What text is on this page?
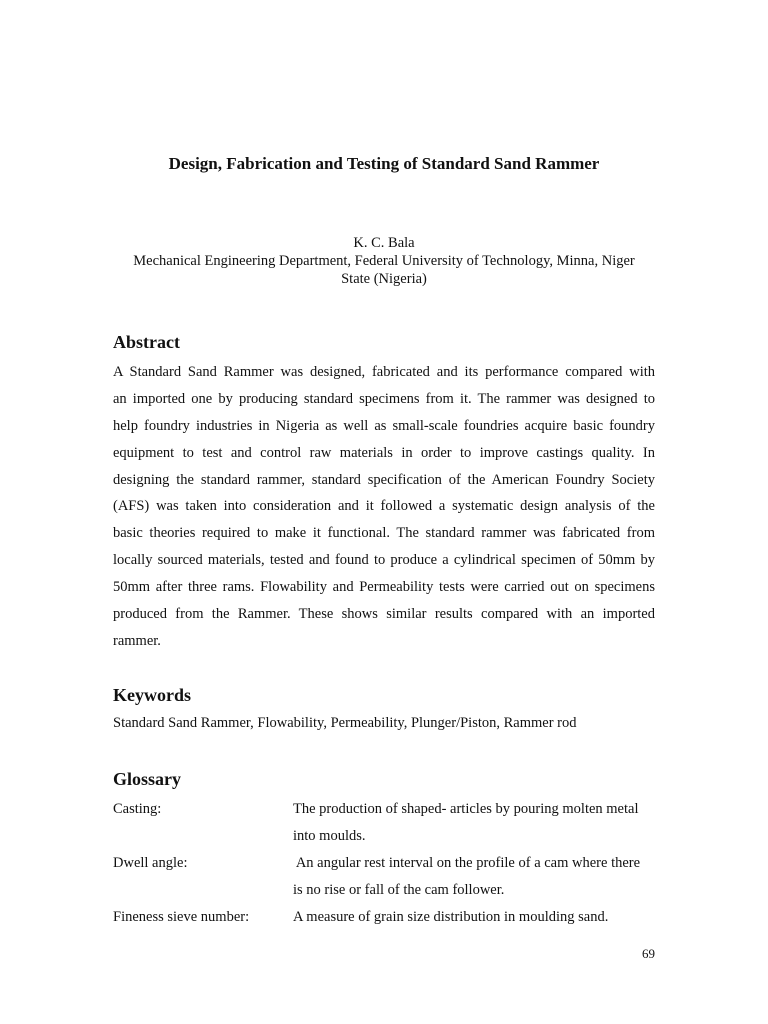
Design, Fabrication and Testing of Standard Sand Rammer
K. C. Bala
Mechanical Engineering Department, Federal University of Technology, Minna, Niger
State (Nigeria)
Abstract
A Standard Sand Rammer was designed, fabricated and its performance compared with
an imported one by producing standard specimens from it. The rammer was designed to
help foundry industries in Nigeria as well as small-scale foundries acquire basic foundry
equipment to test and control raw materials in order to improve castings quality. In
designing the standard rammer, standard specification of the American Foundry Society
(AFS) was taken into consideration and it followed a systematic design analysis of the
basic theories required to make it functional. The standard rammer was fabricated from
locally sourced materials, tested and found to produce a cylindrical specimen of 50mm by
50mm after three rams. Flowability and Permeability tests were carried out on specimens
produced from the Rammer. These shows similar results compared with an imported
rammer.
Keywords
Standard Sand Rammer, Flowability, Permeability, Plunger/Piston, Rammer rod
Glossary
Casting:	The production of shaped- articles by pouring molten metal
into moulds.
Dwell angle:	An angular rest interval on the profile of a cam where there
is no rise or fall of the cam follower.
Fineness sieve number:	A measure of grain size distribution in moulding sand.
69
